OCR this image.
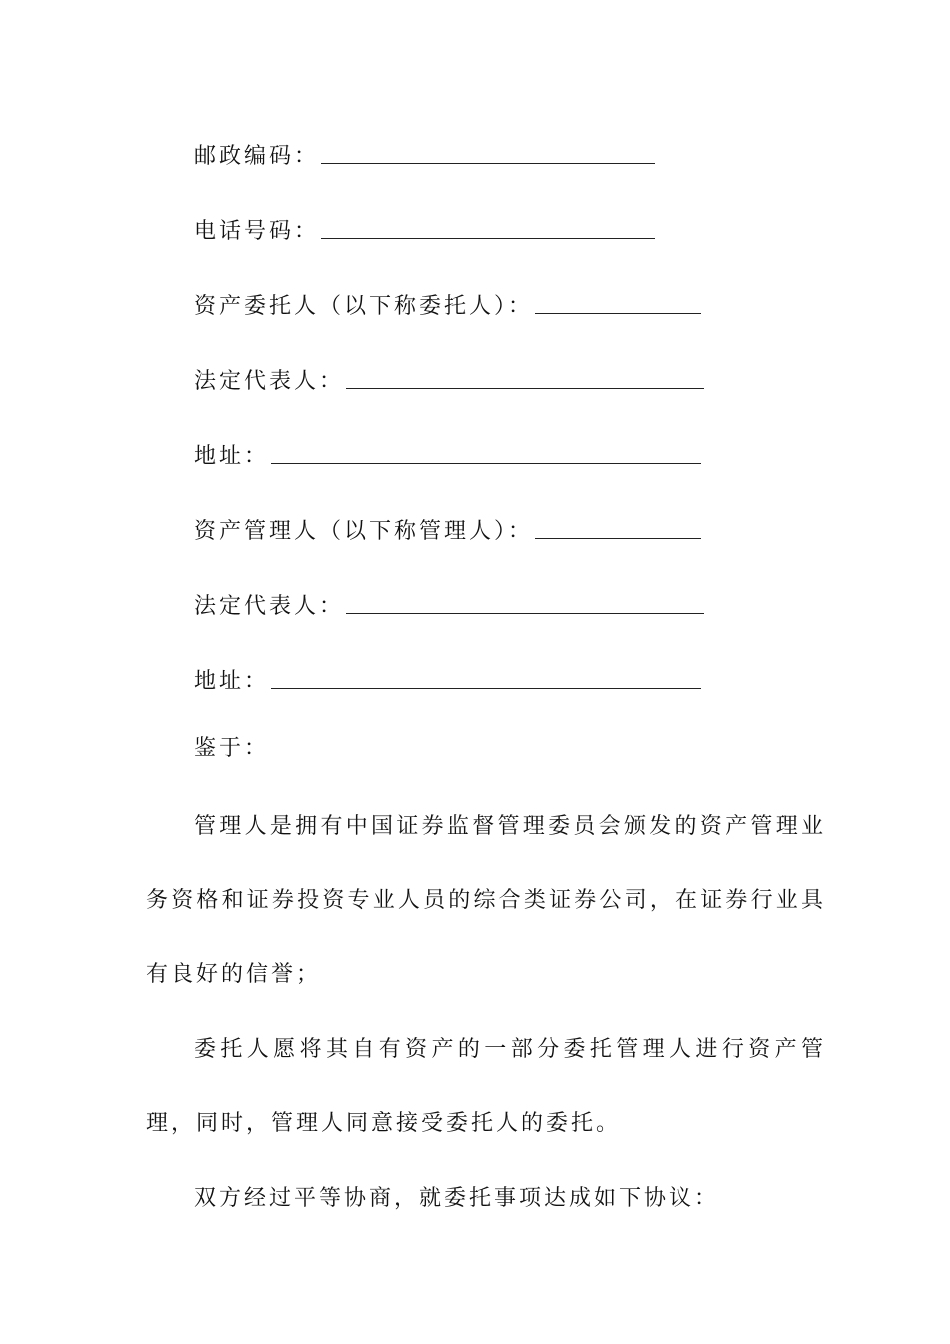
邮政编码：
电话号码：
资产委托人（以下称委托人）：
法定代表人：
地址：
资产管理人（以下称管理人）：
法定代表人：
地址：

鉴于：

管理人是拥有中国证券监督管理委员会颁发的资产管理业务资格和证券投资专业人员的综合类证券公司，在证券行业具有良好的信誉；

委托人愿将其自有资产的一部分委托管理人进行资产管理，同时，管理人同意接受委托人的委托。

双方经过平等协商，就委托事项达成如下协议：
